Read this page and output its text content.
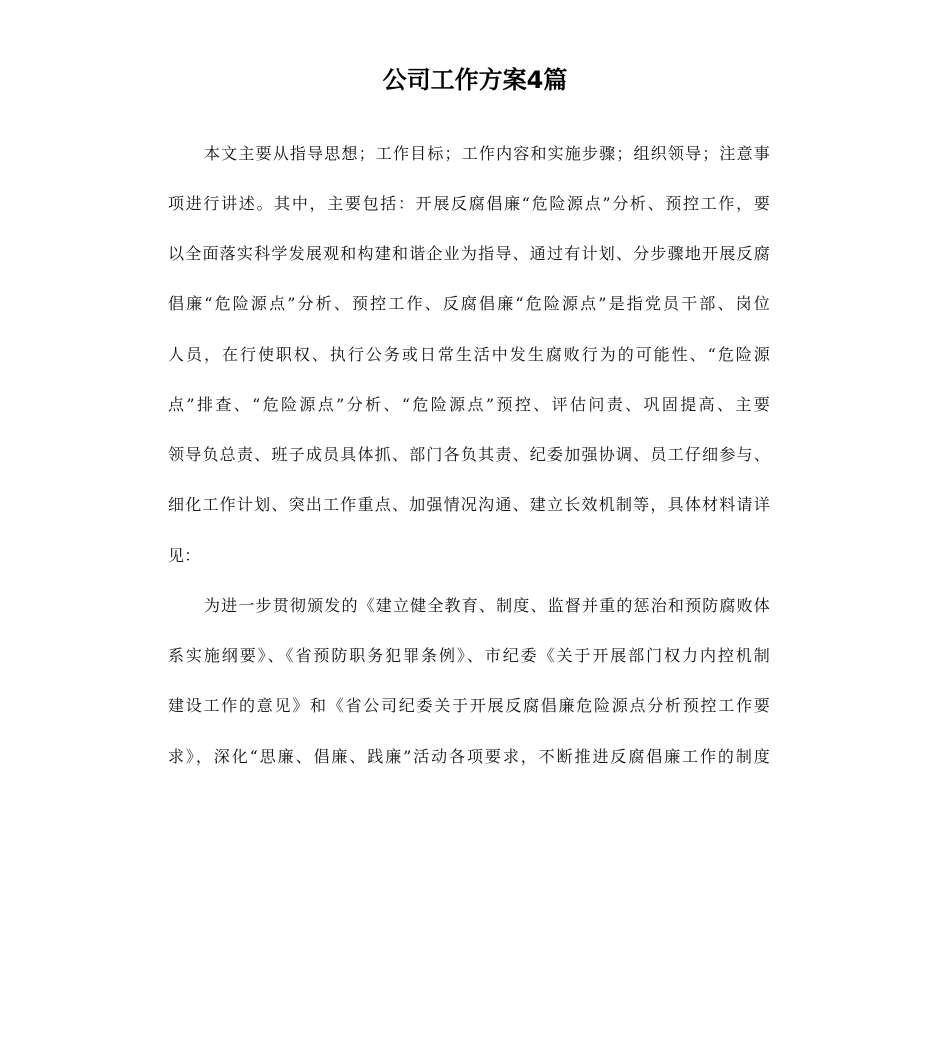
公司工作方案4篇
本文主要从指导思想；工作目标；工作内容和实施步骤；组织领导；注意事
项进行讲述。其中，主要包括：开展反腐倡廉“危险源点”分析、预控工作，要
以全面落实科学发展观和构建和谐企业为指导、通过有计划、分步骤地开展反腐
倡廉“危险源点”分析、预控工作、反腐倡廉“危险源点”是指党员干部、岗位
人员，在行使职权、执行公务或日常生活中发生腐败行为的可能性、“危险源
点”排查、“危险源点”分析、“危险源点”预控、评估问责、巩固提高、主要
领导负总责、班子成员具体抓、部门各负其责、纪委加强协调、员工仔细参与、
细化工作计划、突出工作重点、加强情况沟通、建立长效机制等，具体材料请详
见：
为进一步贯彻颁发的《建立健全教育、制度、监督并重的惩治和预防腐败体
系实施纲要》、《省预防职务犯罪条例》、市纪委《关于开展部门权力内控机制
建设工作的意见》和《省公司纪委关于开展反腐倡廉危险源点分析预控工作要
求》，深化“思廉、倡廉、践廉”活动各项要求，不断推进反腐倡廉工作的制度
